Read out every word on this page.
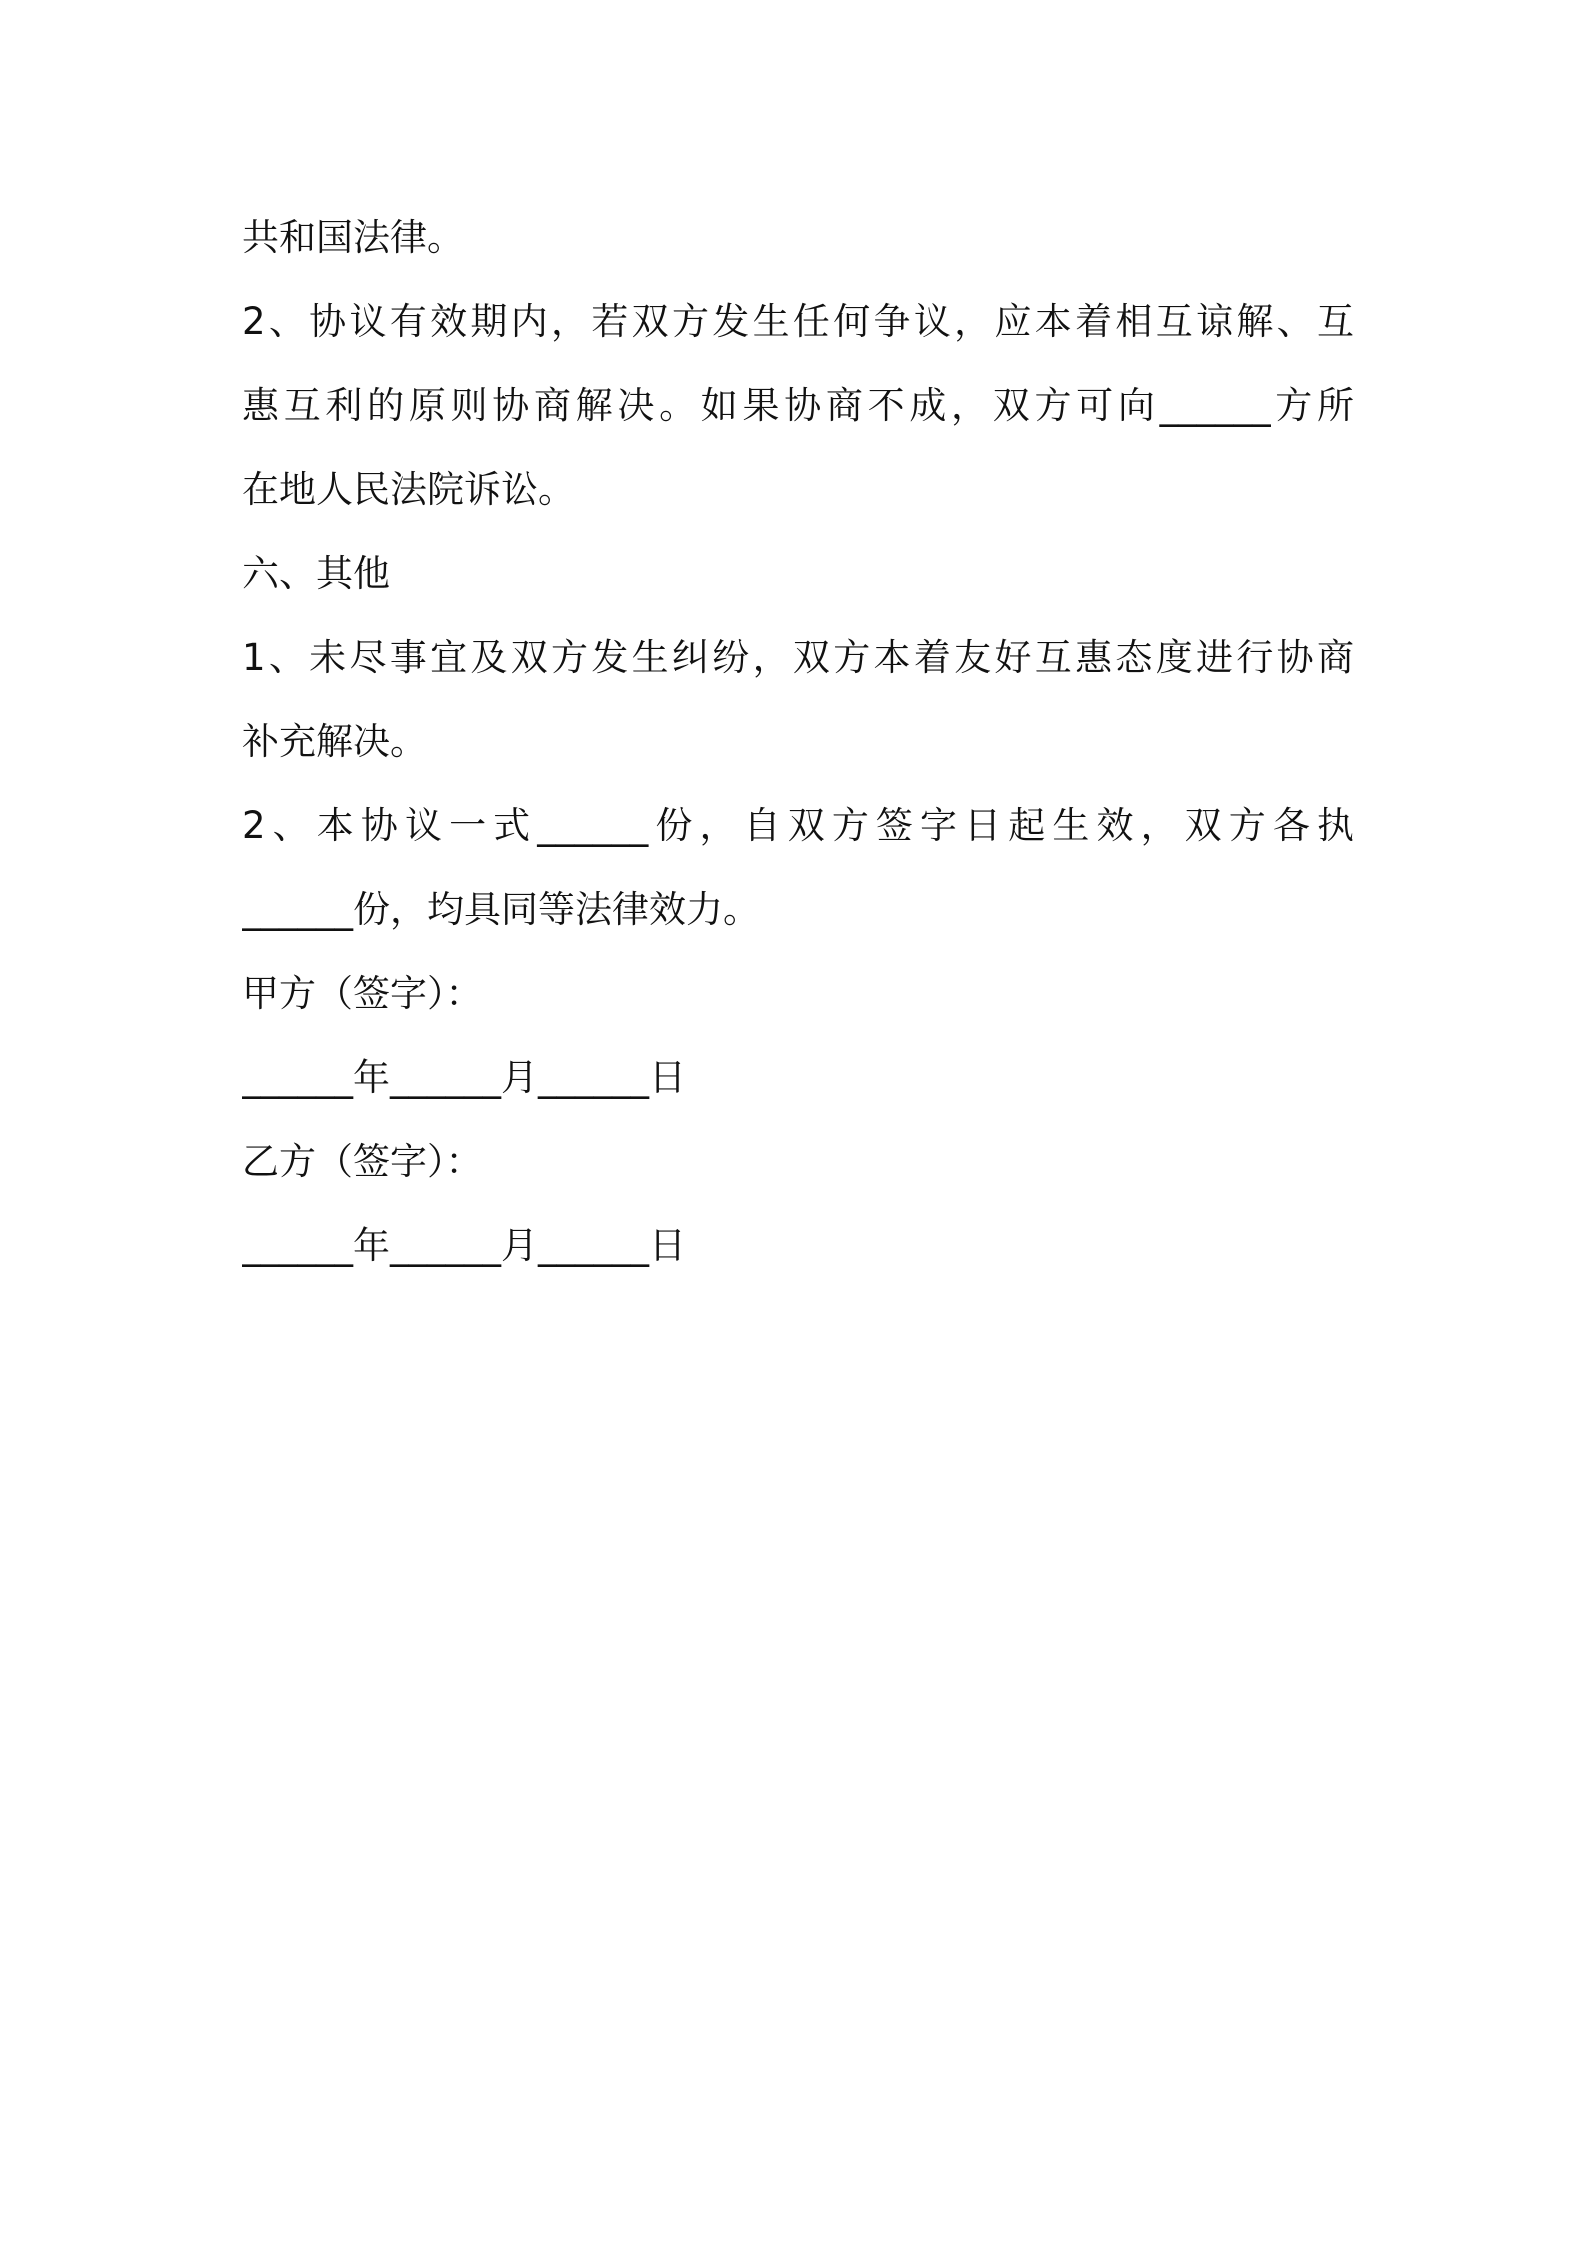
共和国法律。
2、协议有效期内，若双方发生任何争议，应本着相互谅解、互
惠互利的原则协商解决。如果协商不成，双方可向______方所
在地人民法院诉讼。
六、其他
1、未尽事宜及双方发生纠纷，双方本着友好互惠态度进行协商
补充解决。
2、本协议一式______份，自双方签字日起生效，双方各执
______份，均具同等法律效力。
甲方（签字）：
______年______月______日
乙方（签字）：
______年______月______日
